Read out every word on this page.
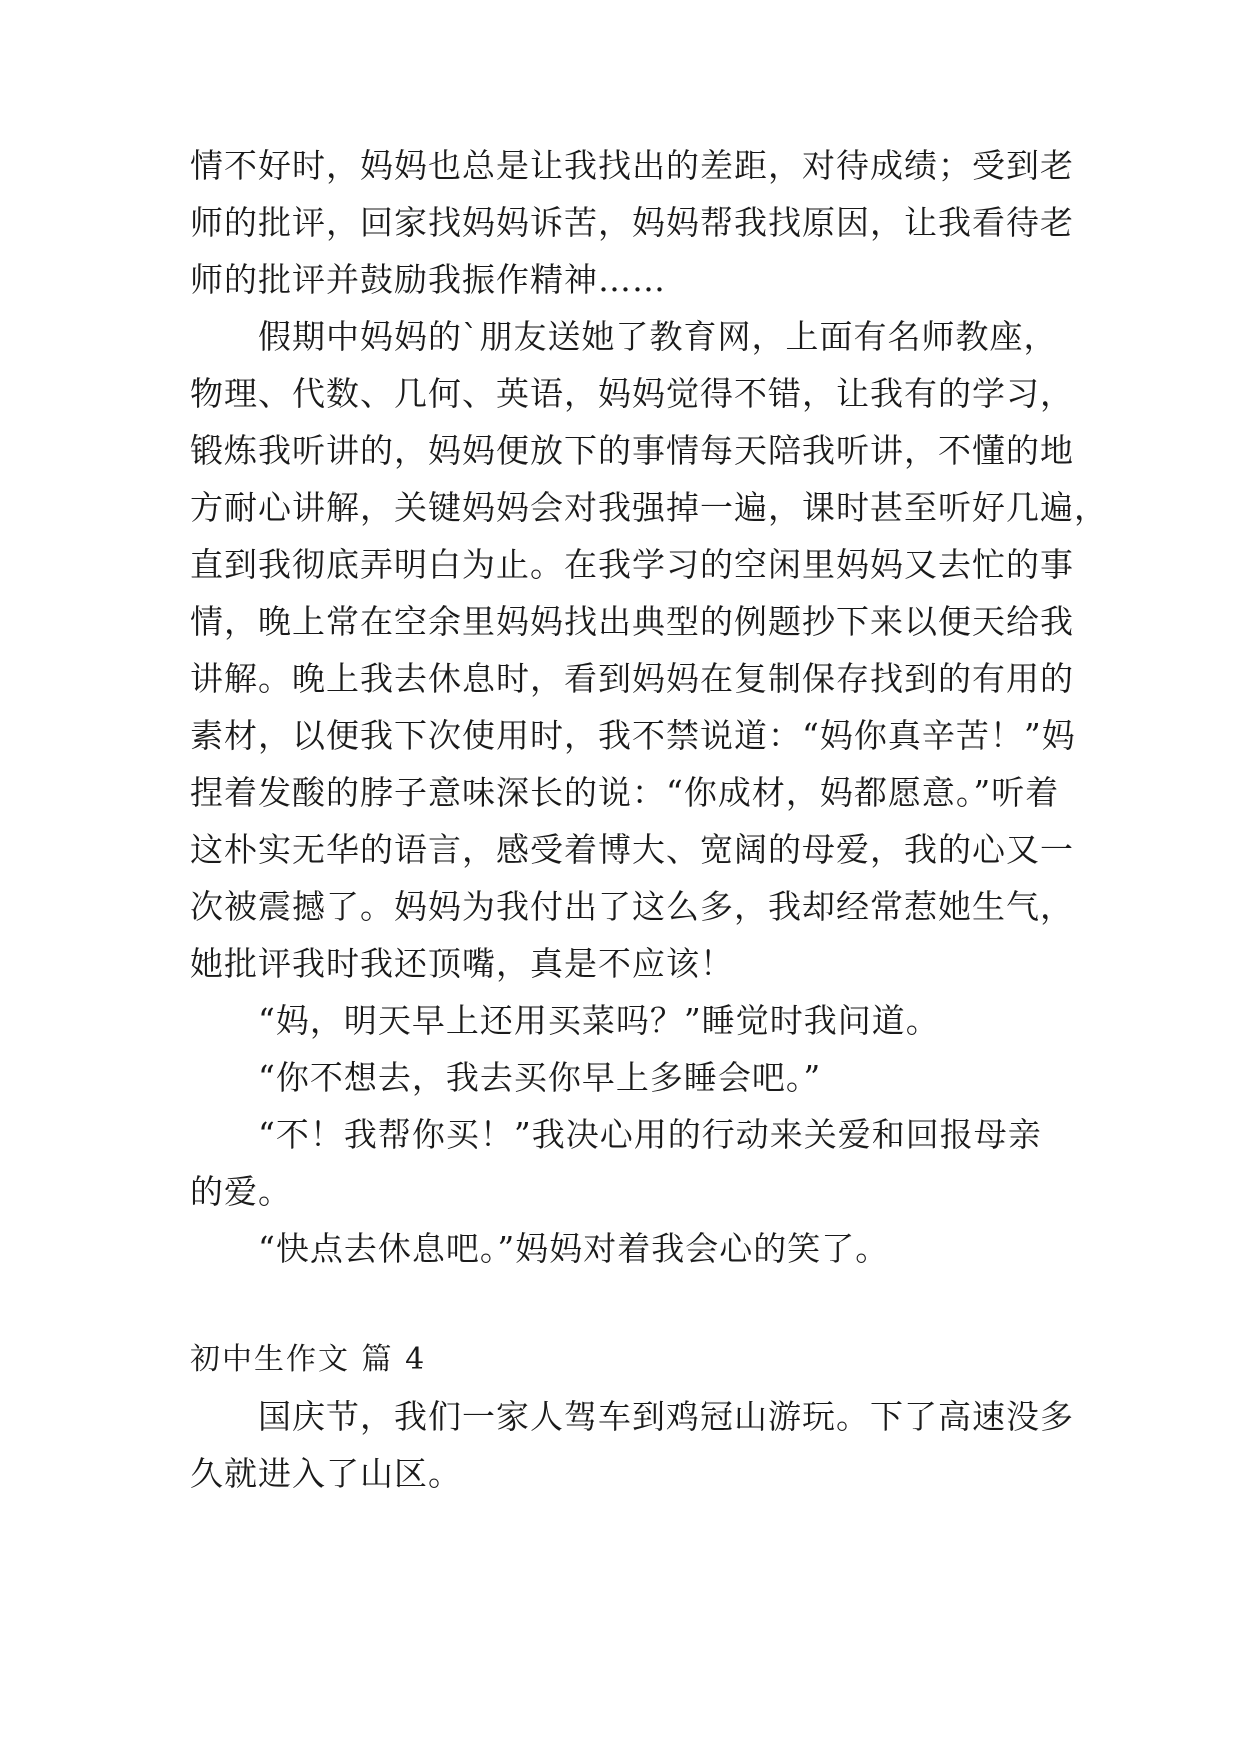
情不好时，妈妈也总是让我找出的差距，对待成绩；受到老
师的批评，回家找妈妈诉苦，妈妈帮我找原因，让我看待老
师的批评并鼓励我振作精神……
假期中妈妈的`朋友送她了教育网，上面有名师教座，
物理、代数、几何、英语，妈妈觉得不错，让我有的学习，
锻炼我听讲的，妈妈便放下的事情每天陪我听讲，不懂的地
方耐心讲解，关键妈妈会对我强掉一遍，课时甚至听好几遍，
直到我彻底弄明白为止。在我学习的空闲里妈妈又去忙的事
情，晚上常在空余里妈妈找出典型的例题抄下来以便天给我
讲解。晚上我去休息时，看到妈妈在复制保存找到的有用的
素材，以便我下次使用时，我不禁说道：“妈你真辛苦！”妈
捏着发酸的脖子意味深长的说：“你成材，妈都愿意。”听着
这朴实无华的语言，感受着博大、宽阔的母爱，我的心又一
次被震撼了。妈妈为我付出了这么多，我却经常惹她生气，
她批评我时我还顶嘴，真是不应该！
“妈，明天早上还用买菜吗？”睡觉时我问道。
“你不想去，我去买你早上多睡会吧。”
“不！我帮你买！”我决心用的行动来关爱和回报母亲
的爱。
“快点去休息吧。”妈妈对着我会心的笑了。
初中生作文 篇 4
国庆节，我们一家人驾车到鸡冠山游玩。下了高速没多
久就进入了山区。
